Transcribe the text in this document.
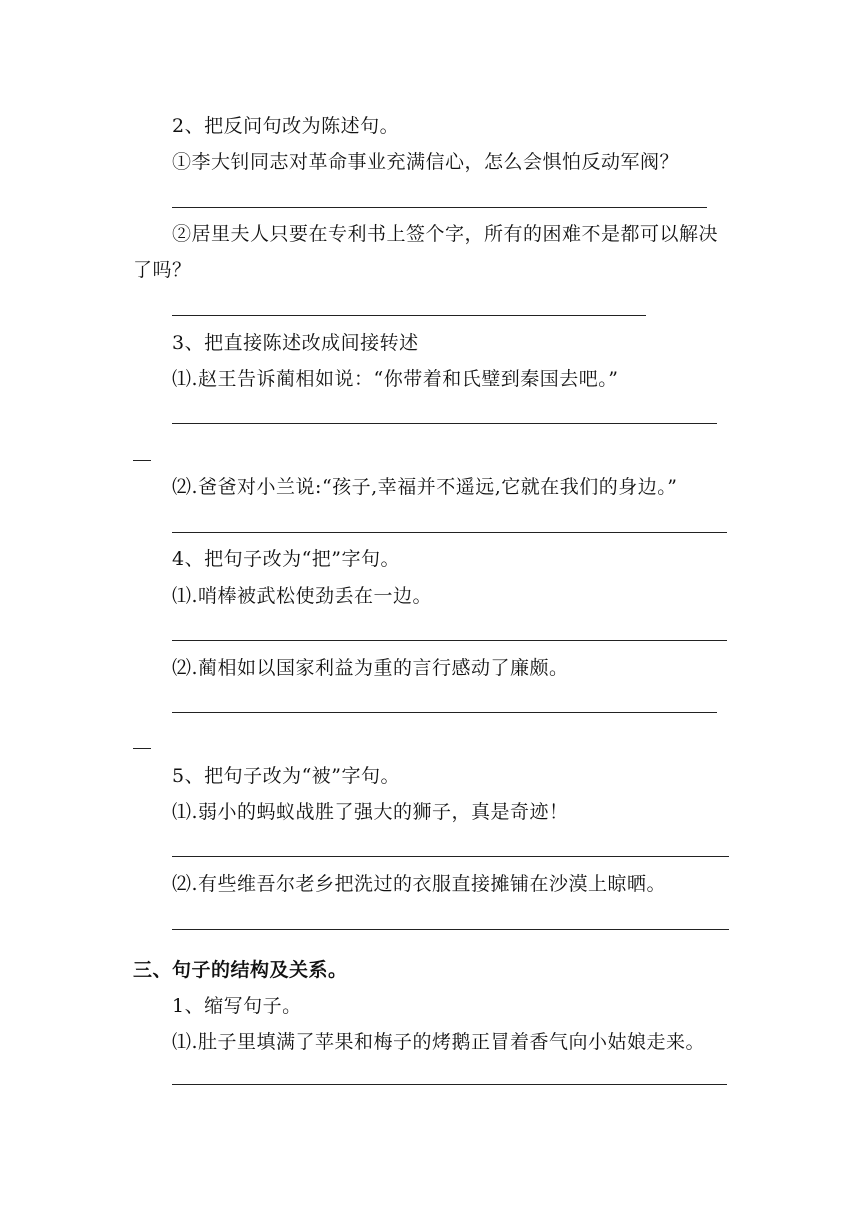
2、把反问句改为陈述句。
①李大钊同志对革命事业充满信心，怎么会惧怕反动军阀？
②居里夫人只要在专利书上签个字，所有的困难不是都可以解决
了吗？
3、把直接陈述改成间接转述
⑴.赵王告诉蔺相如说：“你带着和氏璧到秦国去吧。”
⑵.爸爸对小兰说:“孩子,幸福并不遥远,它就在我们的身边。”
4、把句子改为“把”字句。
⑴.哨棒被武松使劲丢在一边。
⑵.蔺相如以国家利益为重的言行感动了廉颇。
5、把句子改为“被”字句。
⑴.弱小的蚂蚁战胜了强大的狮子，真是奇迹！
⑵.有些维吾尔老乡把洗过的衣服直接摊铺在沙漠上晾晒。
三、句子的结构及关系。
1、缩写句子。
⑴.肚子里填满了苹果和梅子的烤鹅正冒着香气向小姑娘走来。
